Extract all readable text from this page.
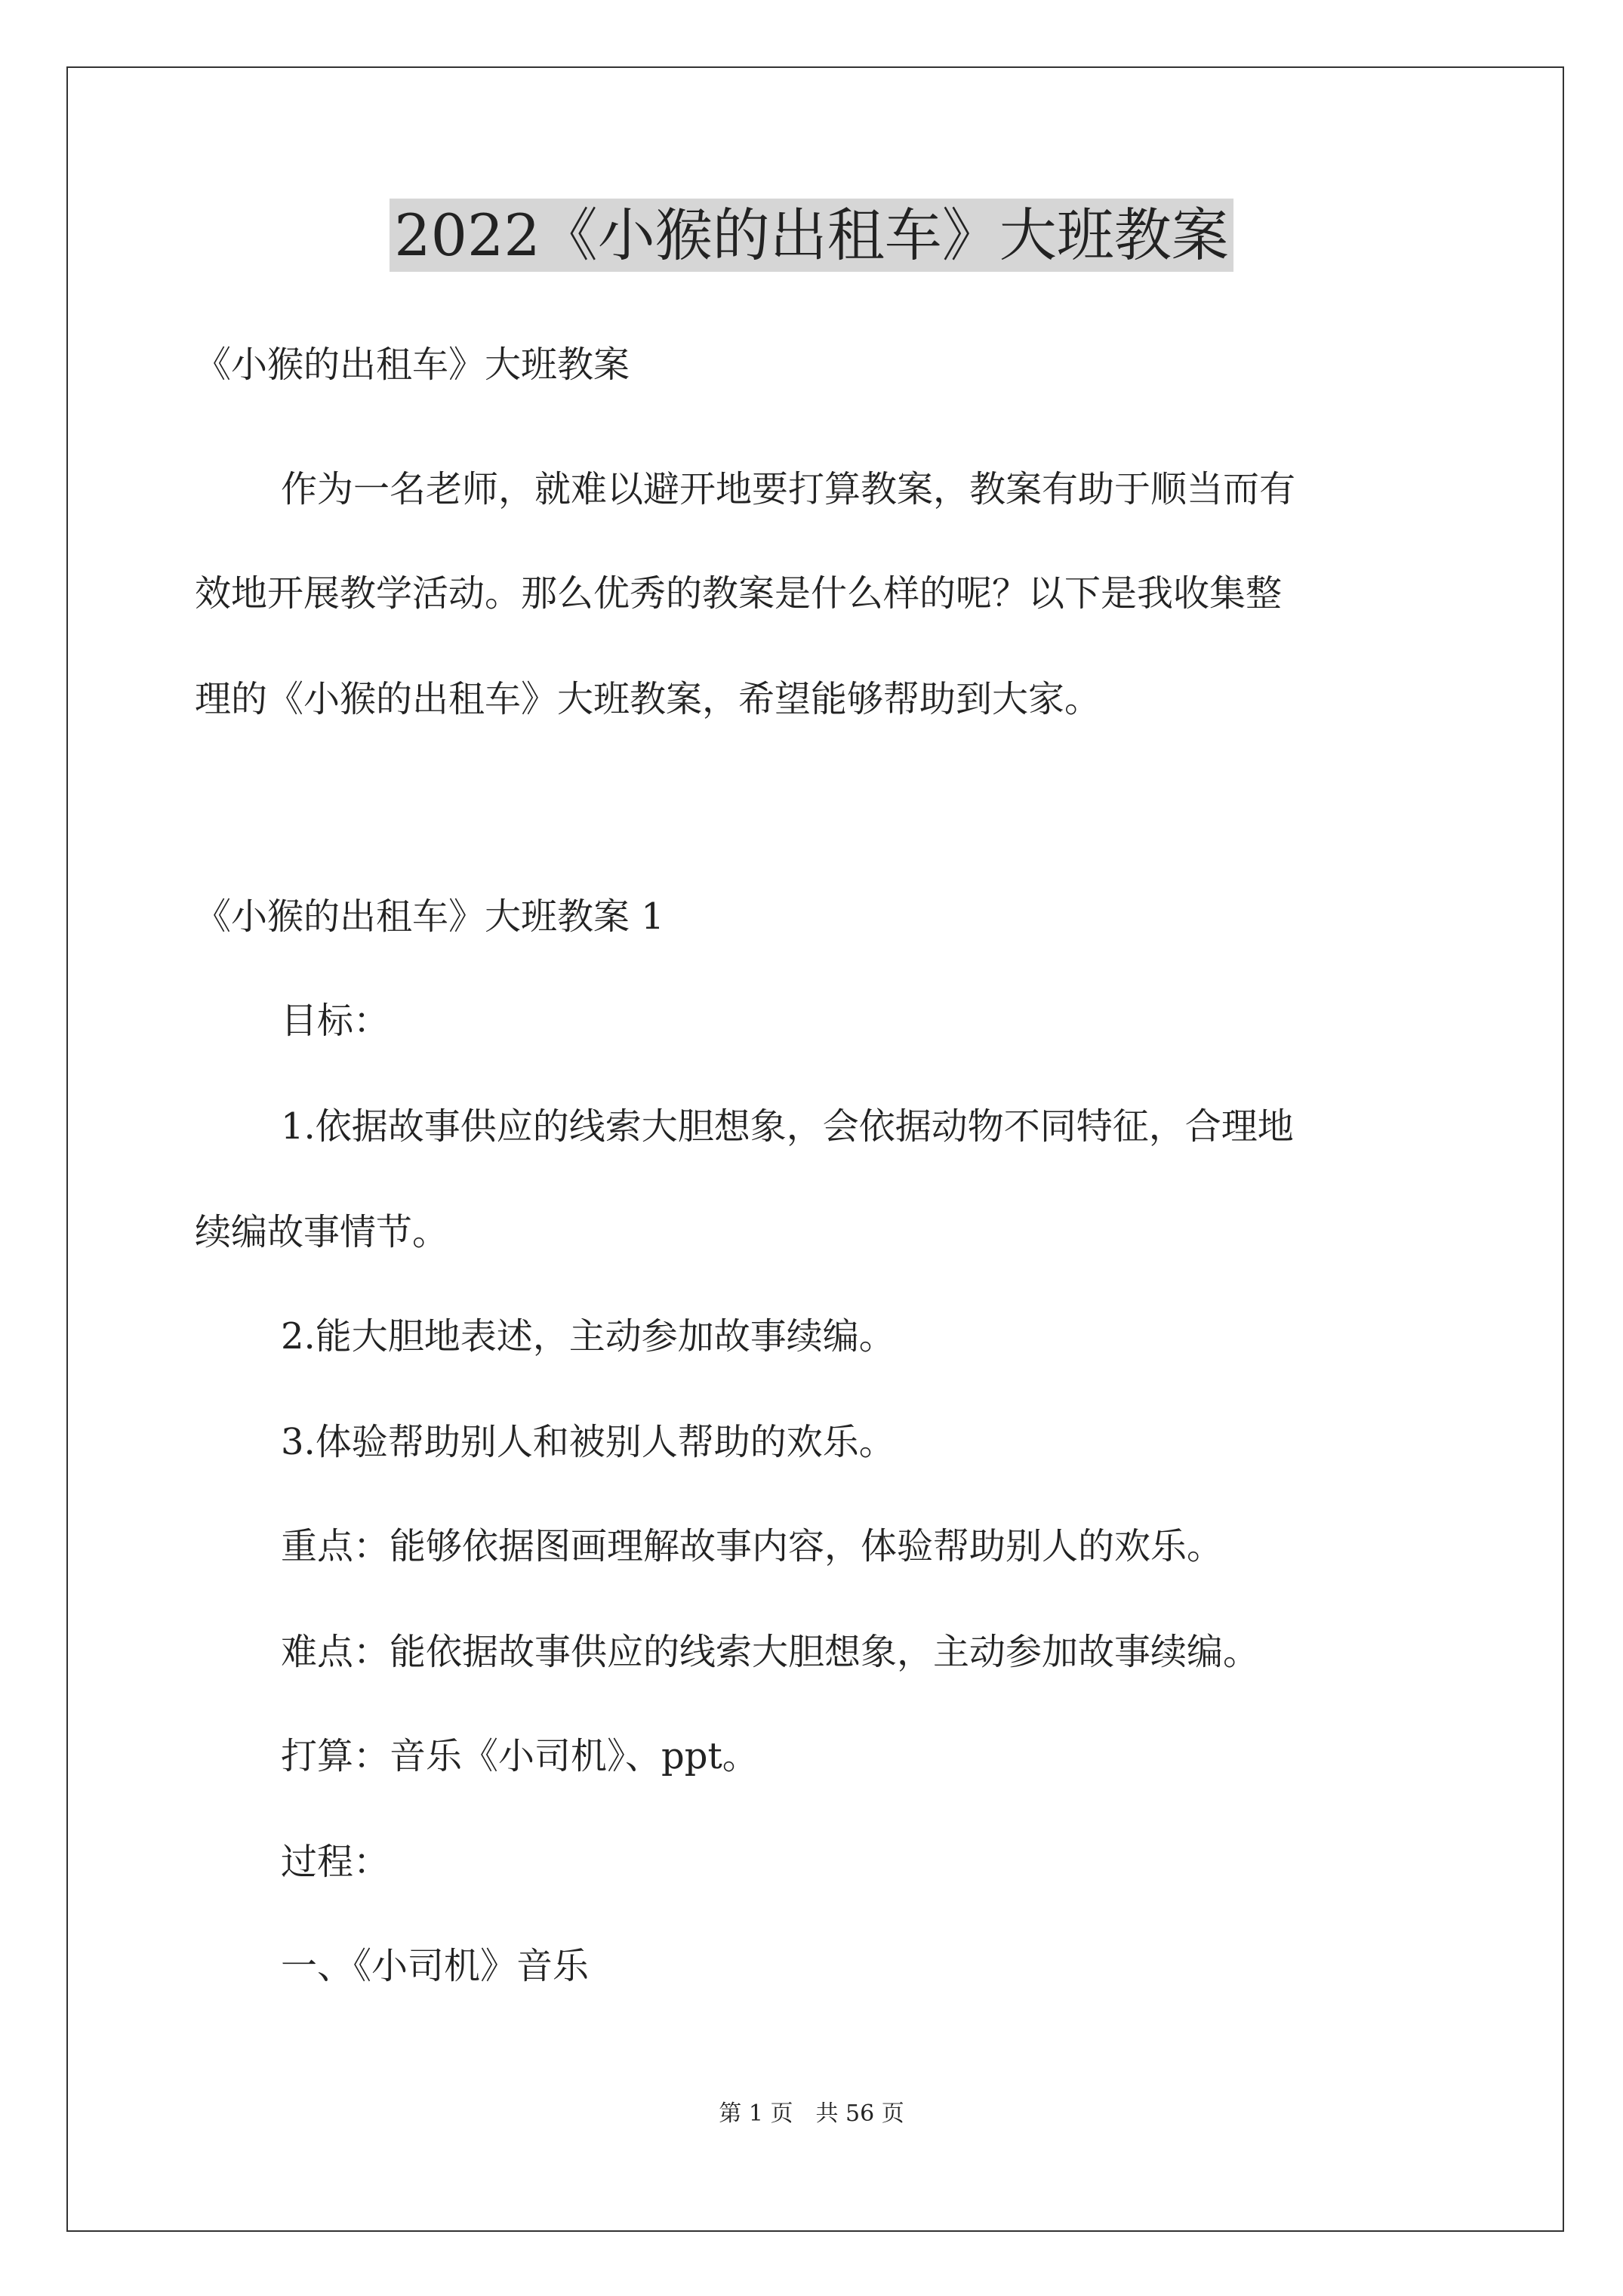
2022《小猴的出租车》大班教案

《小猴的出租车》大班教案

作为一名老师，就难以避开地要打算教案，教案有助于顺当而有

效地开展教学活动。那么优秀的教案是什么样的呢？以下是我收集整

理的《小猴的出租车》大班教案，希望能够帮助到大家。

《小猴的出租车》大班教案 1

目标：

1.依据故事供应的线索大胆想象，会依据动物不同特征，合理地

续编故事情节。

2.能大胆地表述，主动参加故事续编。

3.体验帮助别人和被别人帮助的欢乐。

重点：能够依据图画理解故事内容，体验帮助别人的欢乐。

难点：能依据故事供应的线索大胆想象，主动参加故事续编。

打算：音乐《小司机》、ppt。

过程：

一、《小司机》音乐

第 1 页　共 56 页
